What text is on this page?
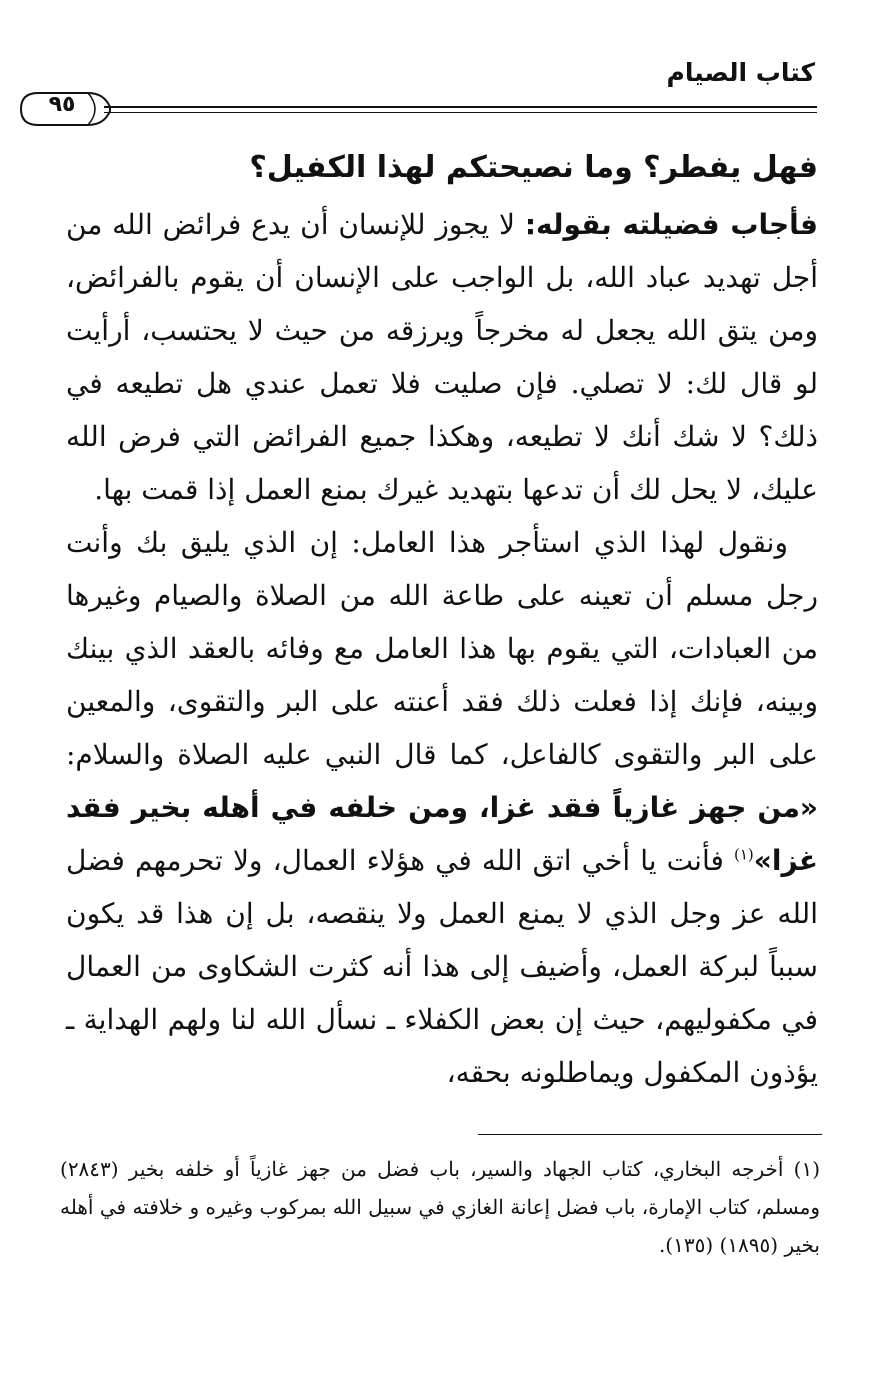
كتاب الصيام
٩٥
فهل يفطر؟ وما نصيحتكم لهذا الكفيل؟

فأجاب فضيلته بقوله: لا يجوز للإنسان أن يدع فرائض الله من أجل تهديد عباد الله، بل الواجب على الإنسان أن يقوم بالفرائض، ومن يتق الله يجعل له مخرجاً ويرزقه من حيث لا يحتسب، أرأيت لو قال لك: لا تصلي. فإن صليت فلا تعمل عندي هل تطيعه في ذلك؟ لا شك أنك لا تطيعه، وهكذا جميع الفرائض التي فرض الله عليك، لا يحل لك أن تدعها بتهديد غيرك بمنع العمل إذا قمت بها.

ونقول لهذا الذي استأجر هذا العامل: إن الذي يليق بك وأنت رجل مسلم أن تعينه على طاعة الله من الصلاة والصيام وغيرها من العبادات، التي يقوم بها هذا العامل مع وفائه بالعقد الذي بينك وبينه، فإنك إذا فعلت ذلك فقد أعنته على البر والتقوى، والمعين على البر والتقوى كالفاعل، كما قال النبي عليه الصلاة والسلام: «من جهز غازياً فقد غزا، ومن خلفه في أهله بخير فقد غزا»$^{(١)}$ فأنت يا أخي اتق الله في هؤلاء العمال، ولا تحرمهم فضل الله عز وجل الذي لا يمنع العمل ولا ينقصه، بل إن هذا قد يكون سبباً لبركة العمل، وأضيف إلى هذا أنه كثرت الشكاوى من العمال في مكفوليهم، حيث إن بعض الكفلاء ـ نسأل الله لنا ولهم الهداية ـ يؤذون المكفول ويماطلونه بحقه،

(١) أخرجه البخاري، كتاب الجهاد والسير، باب فضل من جهز غازياً أو خلفه بخير (٢٨٤٣) ومسلم، كتاب الإمارة، باب فضل إعانة الغازي في سبيل الله بمركوب وغيره و خلافته في أهله بخير (١٨٩٥) (١٣٥).
